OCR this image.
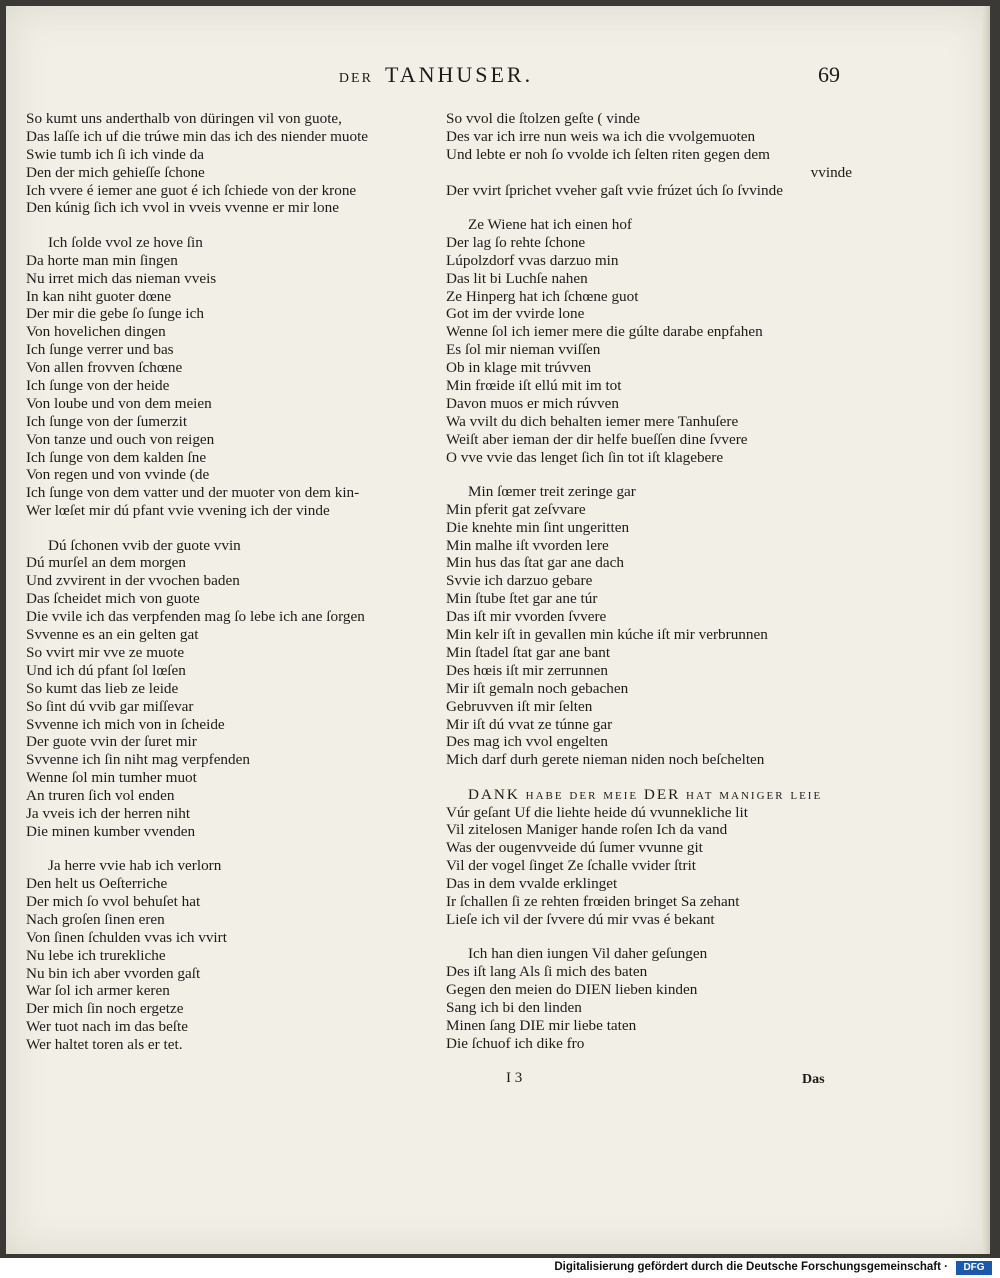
DER TANHUSER.	69
So kumt uns anderthalb von düringen vil von guote,
Das laſſe ich uf die trúwe min das ich des niender muote
Swie tumb ich ſi ich vinde da
Den der mich gehieſſe ſchone
Ich vvere é iemer ane guot é ich ſchiede von der krone
Den kúnig ſich ich vvol in vveis vvenne er mir lone
Ich ſolde vvol ze hove ſin
Da horte man min ſingen
Nu irret mich das nieman vveis
In kan niht guoter dœne
Der mir die gebe ſo ſunge ich
Von hovelichen dingen
Ich ſunge verrer und bas
Von allen frovven ſchœne
Ich ſunge von der heide
Von loube und von dem meien
Ich ſunge von der ſumerzit
Von tanze und ouch von reigen
Ich ſunge von dem kalden ſne
Von regen und von vvinde (de
Ich ſunge von dem vatter und der muoter von dem kin-
Wer lœſet mir dú pfant vvie vvening ich der vinde
Dú ſchonen vvib der guote vvin
Dú murſel an dem morgen
Und zvvirent in der vvochen baden
Das ſcheidet mich von guote
Die vvile ich das verpfenden mag ſo lebe ich ane ſorgen
Svvenne es an ein gelten gat
So vvirt mir vve ze muote
Und ich dú pfant ſol lœſen
So kumt das lieb ze leide
So ſint dú vvib gar miſſevar
Svvenne ich mich von in ſcheide
Der guote vvin der ſuret mir
Svvenne ich ſin niht mag verpfenden
Wenne ſol min tumher muot
An truren ſich vol enden
Ja vveis ich der herren niht
Die minen kumber vvenden
Ja herre vvie hab ich verlorn
Den helt us Oeſterriche
Der mich ſo vvol behuſet hat
Nach groſen ſinen eren
Von ſinen ſchulden vvas ich vvirt
Nu lebe ich trurekliche
Nu bin ich aber vvorden gaſt
War ſol ich armer keren
Der mich ſin noch ergetze
Wer tuot nach im das beſte
Wer haltet toren als er tet.
So vvol die ſtolzen geſte ( vinde
Des var ich irre nun weis wa ich die vvolgemuoten
Und lebte er noh ſo vvolde ich ſelten riten gegen dem
vvinde
Der vvirt ſprichet vveher gaſt vvie frúzet úch ſo ſvvinde
Ze Wiene hat ich einen hof
Der lag ſo rehte ſchone
Lúpolzdorf vvas darzuo min
Das lit bi Luchſe nahen
Ze Hinperg hat ich ſchœne guot
Got im der vvirde lone
Wenne ſol ich iemer mere die gúlte darabe enpfahen
Es ſol mir nieman vviſſen
Ob in klage mit trúvven
Min frœide iſt ellú mit im tot
Davon muos er mich rúvven
Wa vvilt du dich behalten iemer mere Tanhuſere
Weiſt aber ieman der dir helfe bueſſen dine ſvvere
O vve vvie das lenget ſich ſin tot iſt klagebere
Min ſœmer treit zeringe gar
Min pferit gat zeſvvare
Die knehte min ſint ungeritten
Min malhe iſt vvorden lere
Min hus das ſtat gar ane dach
Svvie ich darzuo gebare
Min ſtube ſtet gar ane túr
Das iſt mir vvorden ſvvere
Min kelr iſt in gevallen min kúche iſt mir verbrunnen
Min ſtadel ſtat gar ane bant
Des hœis iſt mir zerrunnen
Mir iſt gemaln noch gebachen
Gebruvven iſt mir ſelten
Mir iſt dú vvat ze túnne gar
Des mag ich vvol engelten
Mich darf durh gerete nieman niden noch beſchelten
DANK habe der meie DER hat maniger leie
Vúr geſant Uf die liehte heide dú vvunnekliche lit
Vil zitelosen Maniger hande roſen Ich da vand
Was der ougenvveide dú ſumer vvunne git
Vil der vogel ſinget Ze ſchalle vvider ſtrit
Das in dem vvalde erklinget
Ir ſchallen ſi ze rehten frœiden bringet Sa zehant
Lieſe ich vil der ſvvere dú mir vvas é bekant
Ich han dien iungen Vil daher geſungen
Des iſt lang Als ſi mich des baten
Gegen den meien do DIEN lieben kinden
Sang ich bi den linden
Minen ſang DIE mir liebe taten
Die ſchuof ich dike fro
I 3	Das
Digitalisierung gefördert durch die Deutsche Forschungsgemeinschaft ·	DFG
